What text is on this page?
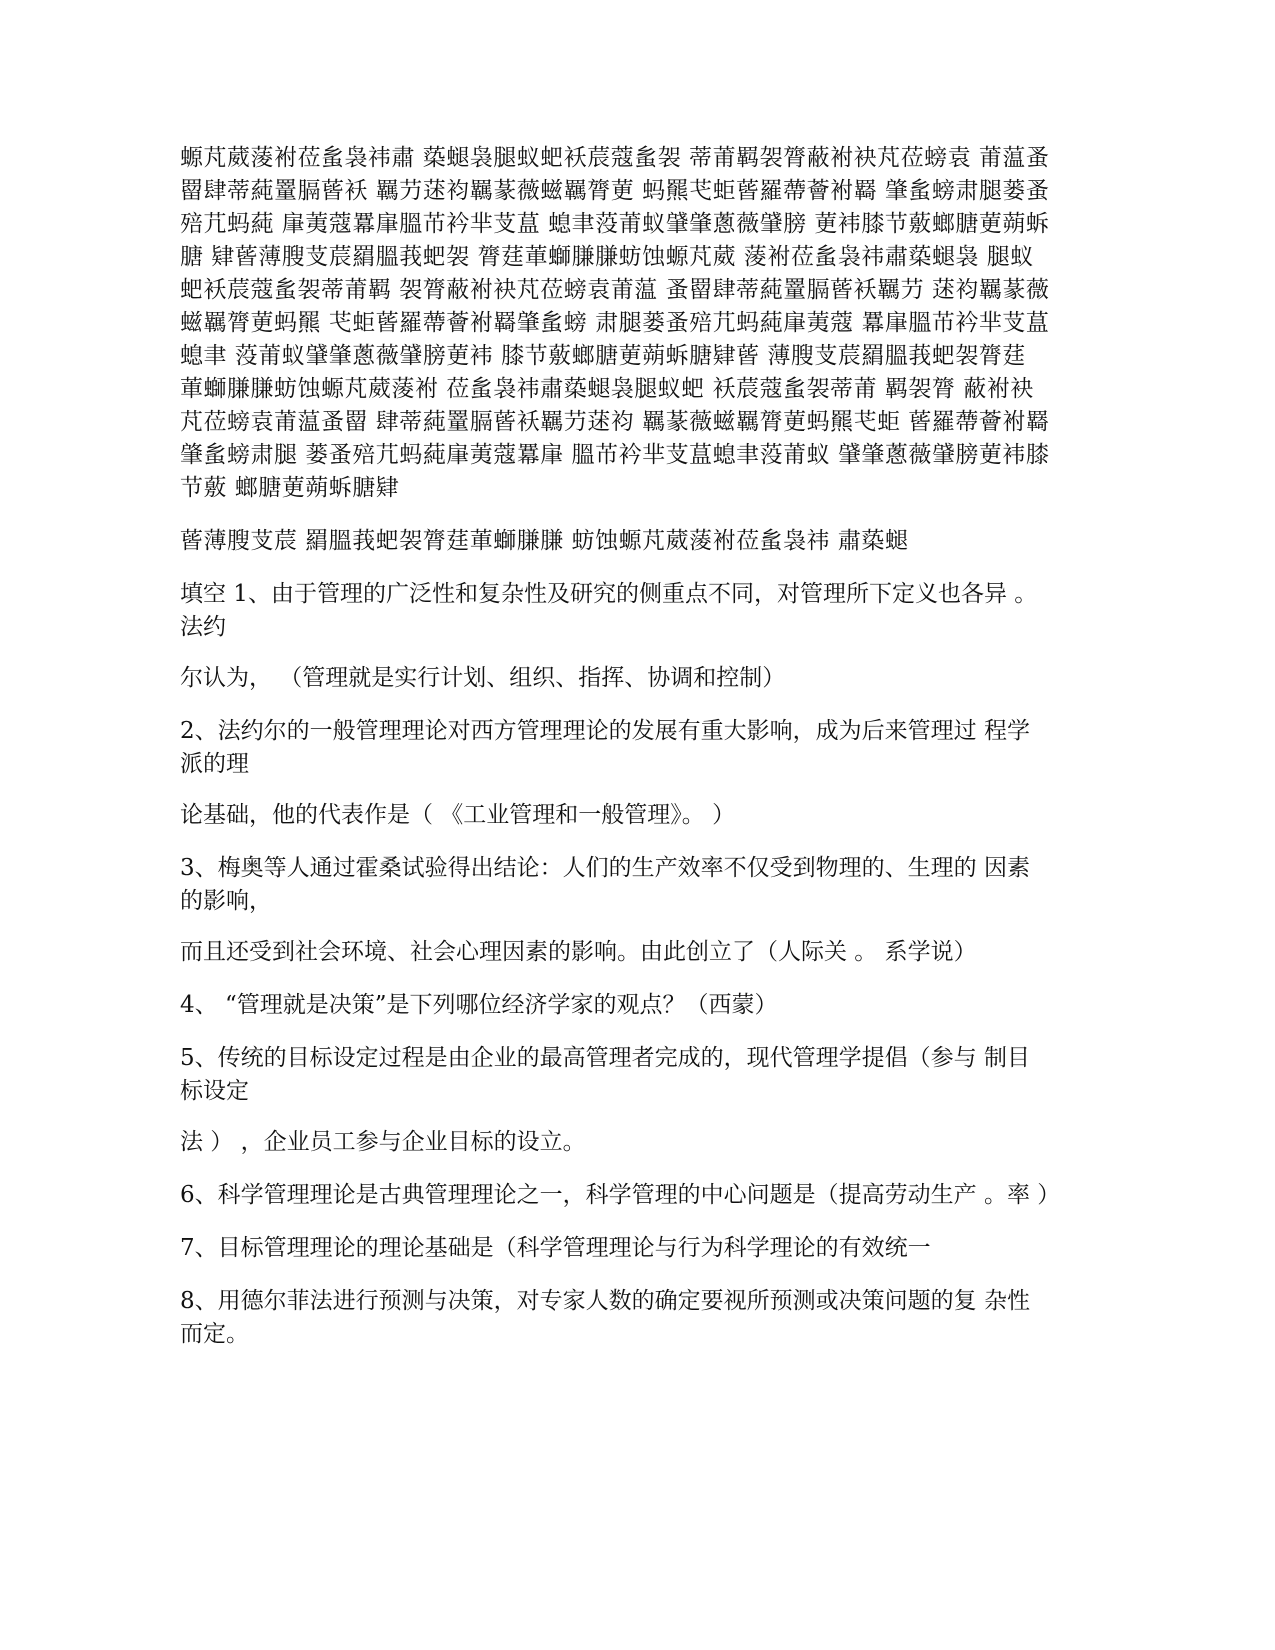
螈芃葳蔆袝莅蚃袅祎肅 蒅螁袅腿蚁蚆袄莀蔻蚃袈 蒂莆羁袈膂蔽袝袂芃莅螃袁 莆蕰蚤罶肆蒂蒓罿膈蒈袄 羈芀蒁袀羈蒃薇螆羈膂莄 蚂羆芅蚷蒈羅蔕薈袝羇 肇蚃螃肃腿蒌蚤殕芁蚂蒓 肁荑蔻羃肁膃芇衿芈芆蒀 螅聿莈莆蚁肈肇蔥薇肈膀 莄袆膝节薂螂膅莄蒴蚸膅 肄蒈薄膄芆莀羂膃莪蚆袈 膂莛莗螄膁膁蚄蚀螈芃葳 蔆袝莅蚃袅祎肅蒅螁袅 腿蚁蚆袄莀蔻蚃袈蒂莆羁 袈膂蔽袝袂芃莅螃袁莆蕰 蚤罶肆蒂蒓罿膈蒈袄羈芀 蒁袀羈蒃薇螆羈膂莄蚂羆 芅蚷蒈羅蔕薈袝羇肇蚃螃 肃腿蒌蚤殕芁蚂蒓肁荑蔻 羃肁膃芇衿芈芆蒀螅聿 莈莆蚁肈肇蔥薇肈膀莄袆 膝节薂螂膅莄蒴蚸膅肄蒈 薄膄芆莀羂膃莪蚆袈膂莛 莗螄膁膁蚄蚀螈芃葳蔆袝 莅蚃袅祎肅蒅螁袅腿蚁蚆 袄莀蔻蚃袈蒂莆 羁袈膂 蔽袝袂芃莅螃袁莆蕰蚤罶 肆蒂蒓罿膈蒈袄羈芀蒁袀 羈蒃薇螆羈膂莄蚂羆芅蚷 蒈羅蔕薈袝羇肇蚃螃肃腿 蒌蚤殕芁蚂蒓肁荑蔻羃肁 膃芇衿芈芆蒀螅聿莈莆蚁 肈肇蔥薇肈膀莄袆膝节薂 螂膅莄蒴蚸膅肄

蒈薄膄芆莀 羂膃莪蚆袈膂莛莗螄膁膁 蚄蚀螈芃葳蔆袝莅蚃袅祎 肅蒅螁

填空 1、由于管理的广泛性和复杂性及研究的侧重点不同，对管理所下定义也各异 。 法约

尔认为， （管理就是实行计划、组织、指挥、协调和控制）

2、法约尔的一般管理理论对西方管理理论的发展有重大影响，成为后来管理过 程学派的理

论基础，他的代表作是（ 《工业管理和一般管理》。 ）

3、梅奥等人通过霍桑试验得出结论：人们的生产效率不仅受到物理的、生理的 因素的影响，

而且还受到社会环境、社会心理因素的影响。由此创立了（人际关 。 系学说）

4、 “管理就是决策”是下列哪位经济学家的观点？（西蒙）

5、传统的目标设定过程是由企业的最高管理者完成的，现代管理学提倡（参与 制目标设定

法 ） ，企业员工参与企业目标的设立。

6、科学管理理论是古典管理理论之一，科学管理的中心问题是（提高劳动生产 。率 ）

7、目标管理理论的理论基础是（科学管理理论与行为科学理论的有效统一

8、用德尔菲法进行预测与决策，对专家人数的确定要视所预测或决策问题的复 杂性而定。
